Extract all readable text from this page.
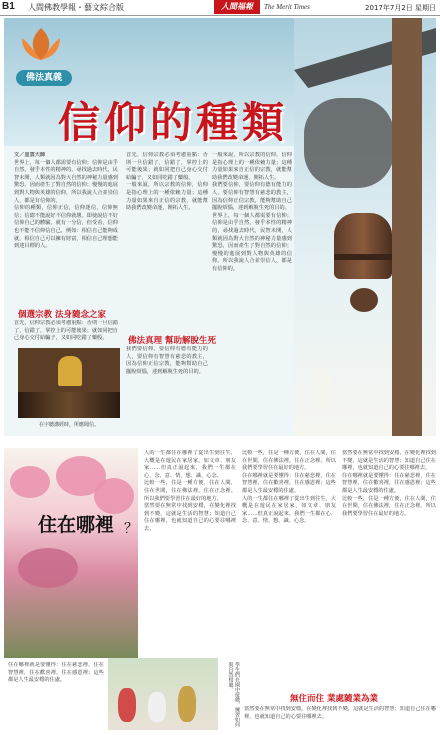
B1 人間佛教學報・藝文綜合版	人間福報	The Merit Times	2017年7月2日 星期日
佛法真義
信仰的種類
文／星雲大師

世界上，每一個人都需要有信仰；信仰是由乎自然，發乎本性的精神的，尋找過去時代，民智未開，人類就因為對大自然的神秘力量感到驚恐，因而產生了對自然的信仰；慢慢的進展到對人物與英雄的信仰，所以我說人合並崇信人，都是有信仰的。

信仰的種類，信仰正信，信仰迷信，信仰無信；信總不能說好不信仰就壞。即使說信不好信仰自己的體驗，就有一分信，但受看，信仰也不能不信仰信自己，例如：相信自己能夠成就，相信自己可以擁有財富，相信自己理想能到達目標的人。

個選宗教 法身隨念之家

首先，信仰宗教必須考慮重點：否則一旦信錯了，信錯了，掌控上的可能後果；就如同把自己身心交付給騙子，又如同吃錯了藥般。

在宇聽講經時，所應聞信。

首先，信仰宗教必須考慮重點：否則一旦信錯了，信錯了，掌控上的可能後果；就如同把自己身心交付給騙子，又如同吃錯了藥般。

一般來說，所以宗教的信仰，信仰是指心理上的一種依賴力量；這種力量如果來自正信的宗教，就能幫助我們改變命運，開拓人生。

佛法真理 幫助解脫生死

我們要信仰，要信仰有德有能力的人，要信仰有智慧有慈悲的教主，因為信仰正信宗教，能夠幫助自己擺脫煩惱，達到解脫生死的目的。

一般來說，所以宗教的信仰，信仰是指心理上的一種依賴力量；這種力量如果來自正信的宗教，就能幫助我們改變命運，開拓人生。

我們要信仰，要信仰有德有能力的人，要信仰有智慧有慈悲的教主，因為信仰正信宗教，能夠幫助自己擺脫煩惱，達到解脫生死的目的。

世界上，每一個人都需要有信仰；信仰是由乎自然，發乎本性的精神的，尋找過去時代，民智未開，人類就因為對大自然的神秘力量感到驚恐，因而產生了對自然的信仰；慢慢的進展到對人物與英雄的信仰，所以我說人合並崇信人，都是有信仰的。

住在哪裡 ？

人的一生都住在哪裡了從出生到往生，大概是在遊民在家居家，如文章、朋友家……但真正說起來，我們一生都在心、念、意、情、想、識、心念。

比較一些，住是一種方便，住在人間，住在世間，住在佛法裡，住在正念裡。所以我們要學習住在最好的地方。

當然要在無常中找到安穩，在變化裡找到不變，這就是生活的智慧；知道自己住在哪裡，也就知道自己的心要往哪裡去。

比較一些，住是一種方便，住在人間，住在世間，住在佛法裡，住在正念裡。所以我們要學習住在最好的地方。

住在哪裡就是要懂得：住在慈悲裡，住在智慧裡，住在歡喜裡，住在感恩裡；這些都是人生最安穩的住處。

人的一生都住在哪裡了從出生到往生，大概是在遊民在家居家，如文章、朋友家……但真正說起來，我們一生都在心、念、意、情、想、識、心念。

當然要在無常中找到安穩，在變化裡找到不變，這就是生活的智慧；知道自己住在哪裡，也就知道自己的心要往哪裡去。

住在哪裡就是要懂得：住在慈悲裡，住在智慧裡，住在歡喜裡，住在感恩裡；這些都是人生最安穩的住處。

比較一些，住是一種方便，住在人間，住在世間，住在佛法裡，住在正念裡。所以我們要學習住在最好的地方。

住在哪裡就是要懂得：住在慈悲裡，住在智慧裡，住在歡喜裡，住在感恩裡；這些都是人生最安穩的住處。	學生們在園中遊戲，練習如何與自然相處。
無住而住 業處隨業為業

當然要在無常中找到安穩，在變化裡找到不變，這就是生活的智慧；知道自己住在哪裡，也就知道自己的心要往哪裡去。
